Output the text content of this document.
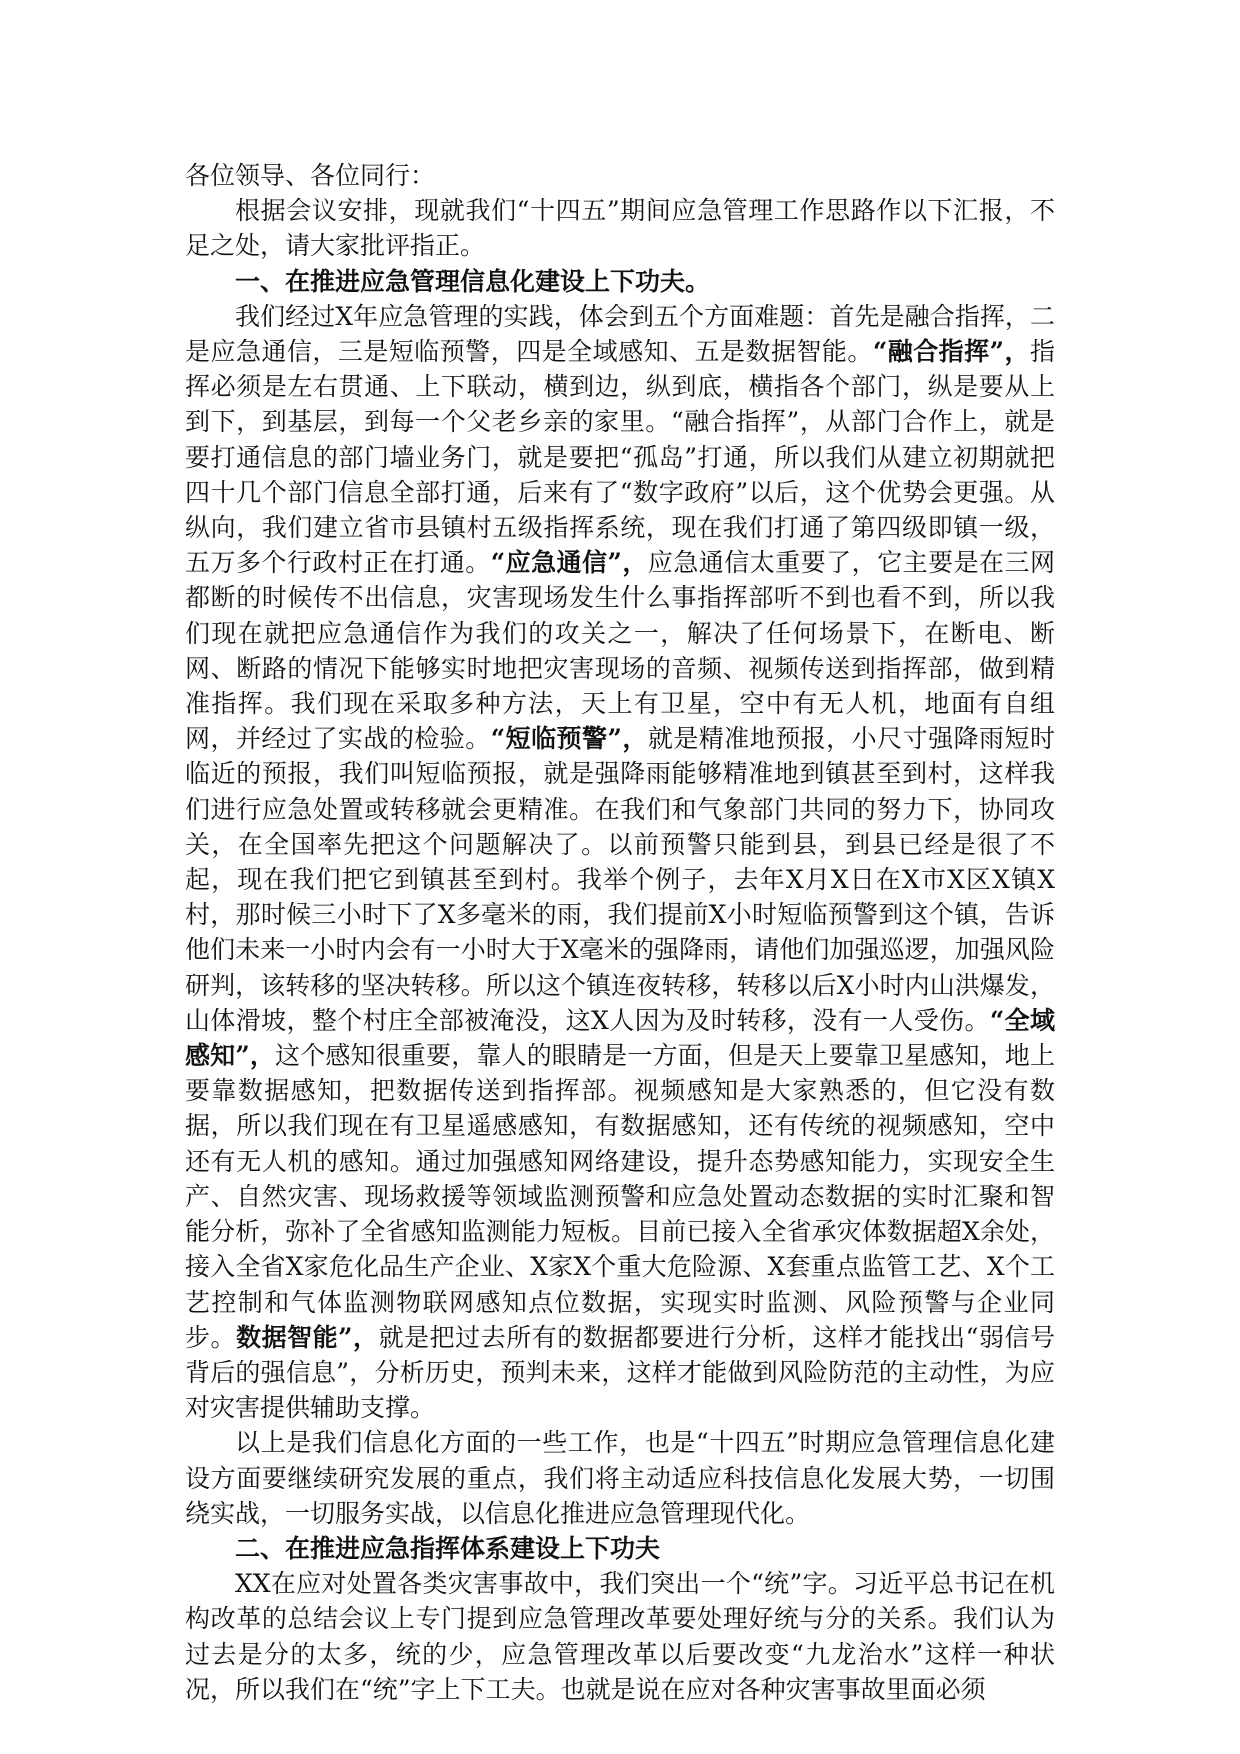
各位领导、各位同行：

根据会议安排，现就我们“十四五”期间应急管理工作思路作以下汇报，不足之处，请大家批评指正。

一、在推进应急管理信息化建设上下功夫。

我们经过X年应急管理的实践，体会到五个方面难题：首先是融合指挥，二是应急通信，三是短临预警，四是全域感知、五是数据智能。“融合指挥”，指挥必须是左右贯通、上下联动，横到边，纵到底，横指各个部门，纵是要从上到下，到基层，到每一个父老乡亲的家里。“融合指挥”，从部门合作上，就是要打通信息的部门墙业务门，就是要把“孤岛”打通，所以我们从建立初期就把四十几个部门信息全部打通，后来有了“数字政府”以后，这个优势会更强。从纵向，我们建立省市县镇村五级指挥系统，现在我们打通了第四级即镇一级，五万多个行政村正在打通。“应急通信”，应急通信太重要了，它主要是在三网都断的时候传不出信息，灾害现场发生什么事指挥部听不到也看不到，所以我们现在就把应急通信作为我们的攻关之一，解决了任何场景下，在断电、断网、断路的情况下能够实时地把灾害现场的音频、视频传送到指挥部，做到精准指挥。我们现在采取多种方法，天上有卫星，空中有无人机，地面有自组网，并经过了实战的检验。“短临预警”，就是精准地预报，小尺寸强降雨短时临近的预报，我们叫短临预报，就是强降雨能够精准地到镇甚至到村，这样我们进行应急处置或转移就会更精准。在我们和气象部门共同的努力下，协同攻关，在全国率先把这个问题解决了。以前预警只能到县，到县已经是很了不起，现在我们把它到镇甚至到村。我举个例子，去年X月X日在X市X区X镇X村，那时候三小时下了X多毫米的雨，我们提前X小时短临预警到这个镇，告诉他们未来一小时内会有一小时大于X毫米的强降雨，请他们加强巡逻，加强风险研判，该转移的坚决转移。所以这个镇连夜转移，转移以后X小时内山洪爆发，山体滑坡，整个村庄全部被淹没，这X人因为及时转移，没有一人受伤。“全域感知”，这个感知很重要，靠人的眼睛是一方面，但是天上要靠卫星感知，地上要靠数据感知，把数据传送到指挥部。视频感知是大家熟悉的，但它没有数据，所以我们现在有卫星遥感感知，有数据感知，还有传统的视频感知，空中还有无人机的感知。通过加强感知网络建设，提升态势感知能力，实现安全生产、自然灾害、现场救援等领域监测预警和应急处置动态数据的实时汇聚和智能分析，弥补了全省感知监测能力短板。目前已接入全省承灾体数据超X余处，接入全省X家危化品生产企业、X家X个重大危险源、X套重点监管工艺、X个工艺控制和气体监测物联网感知点位数据，实现实时监测、风险预警与企业同步。数据智能”，就是把过去所有的数据都要进行分析，这样才能找出“弱信号背后的强信息”，分析历史，预判未来，这样才能做到风险防范的主动性，为应对灾害提供辅助支撑。

以上是我们信息化方面的一些工作，也是“十四五”时期应急管理信息化建设方面要继续研究发展的重点，我们将主动适应科技信息化发展大势，一切围绕实战，一切服务实战，以信息化推进应急管理现代化。

二、在推进应急指挥体系建设上下功夫

XX在应对处置各类灾害事故中，我们突出一个“统”字。习近平总书记在机构改革的总结会议上专门提到应急管理改革要处理好统与分的关系。我们认为过去是分的太多，统的少，应急管理改革以后要改变“九龙治水”这样一种状况，所以我们在“统”字上下工夫。也就是说在应对各种灾害事故里面必须
